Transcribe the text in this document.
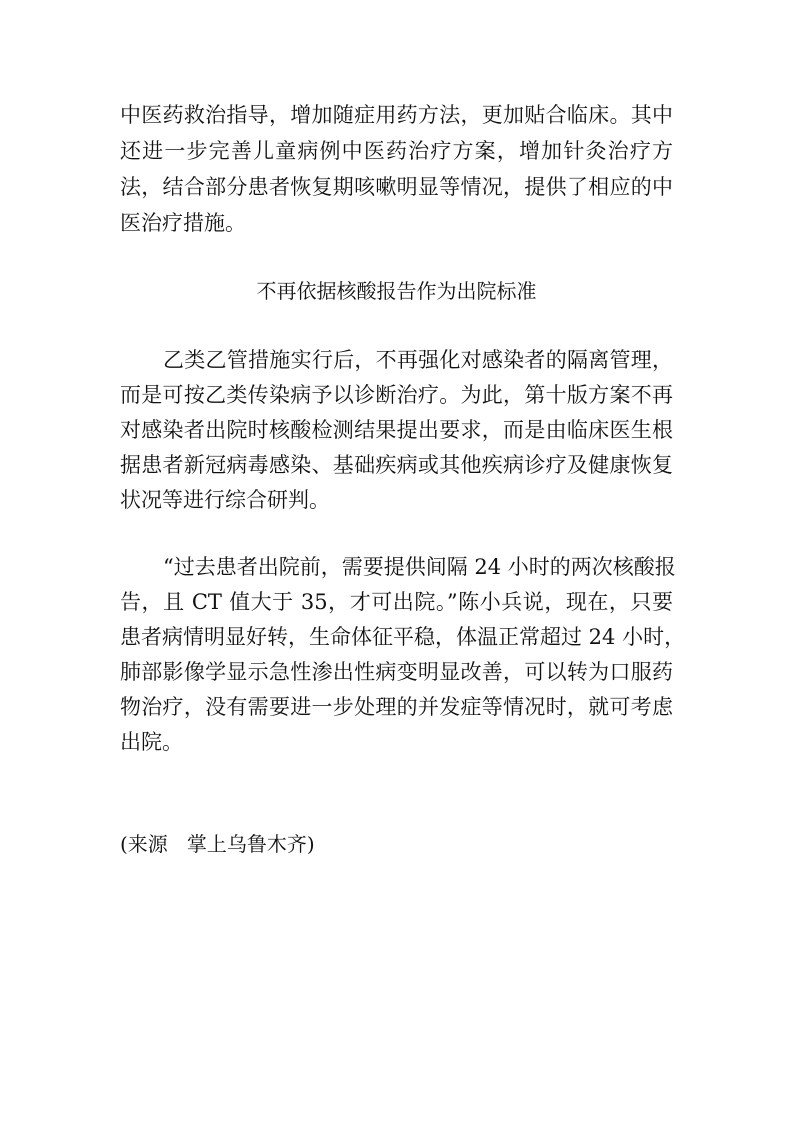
中医药救治指导，增加随症用药方法，更加贴合临床。其中
还进一步完善儿童病例中医药治疗方案，增加针灸治疗方
法，结合部分患者恢复期咳嗽明显等情况，提供了相应的中
医治疗措施。
不再依据核酸报告作为出院标准
乙类乙管措施实行后，不再强化对感染者的隔离管理，
而是可按乙类传染病予以诊断治疗。为此，第十版方案不再
对感染者出院时核酸检测结果提出要求，而是由临床医生根
据患者新冠病毒感染、基础疾病或其他疾病诊疗及健康恢复
状况等进行综合研判。
“过去患者出院前，需要提供间隔 24 小时的两次核酸报
告，且 CT 值大于 35，才可出院。”陈小兵说，现在，只要
患者病情明显好转，生命体征平稳，体温正常超过 24 小时，
肺部影像学显示急性渗出性病变明显改善，可以转为口服药
物治疗，没有需要进一步处理的并发症等情况时，就可考虑
出院。
(来源   掌上乌鲁木齐)
